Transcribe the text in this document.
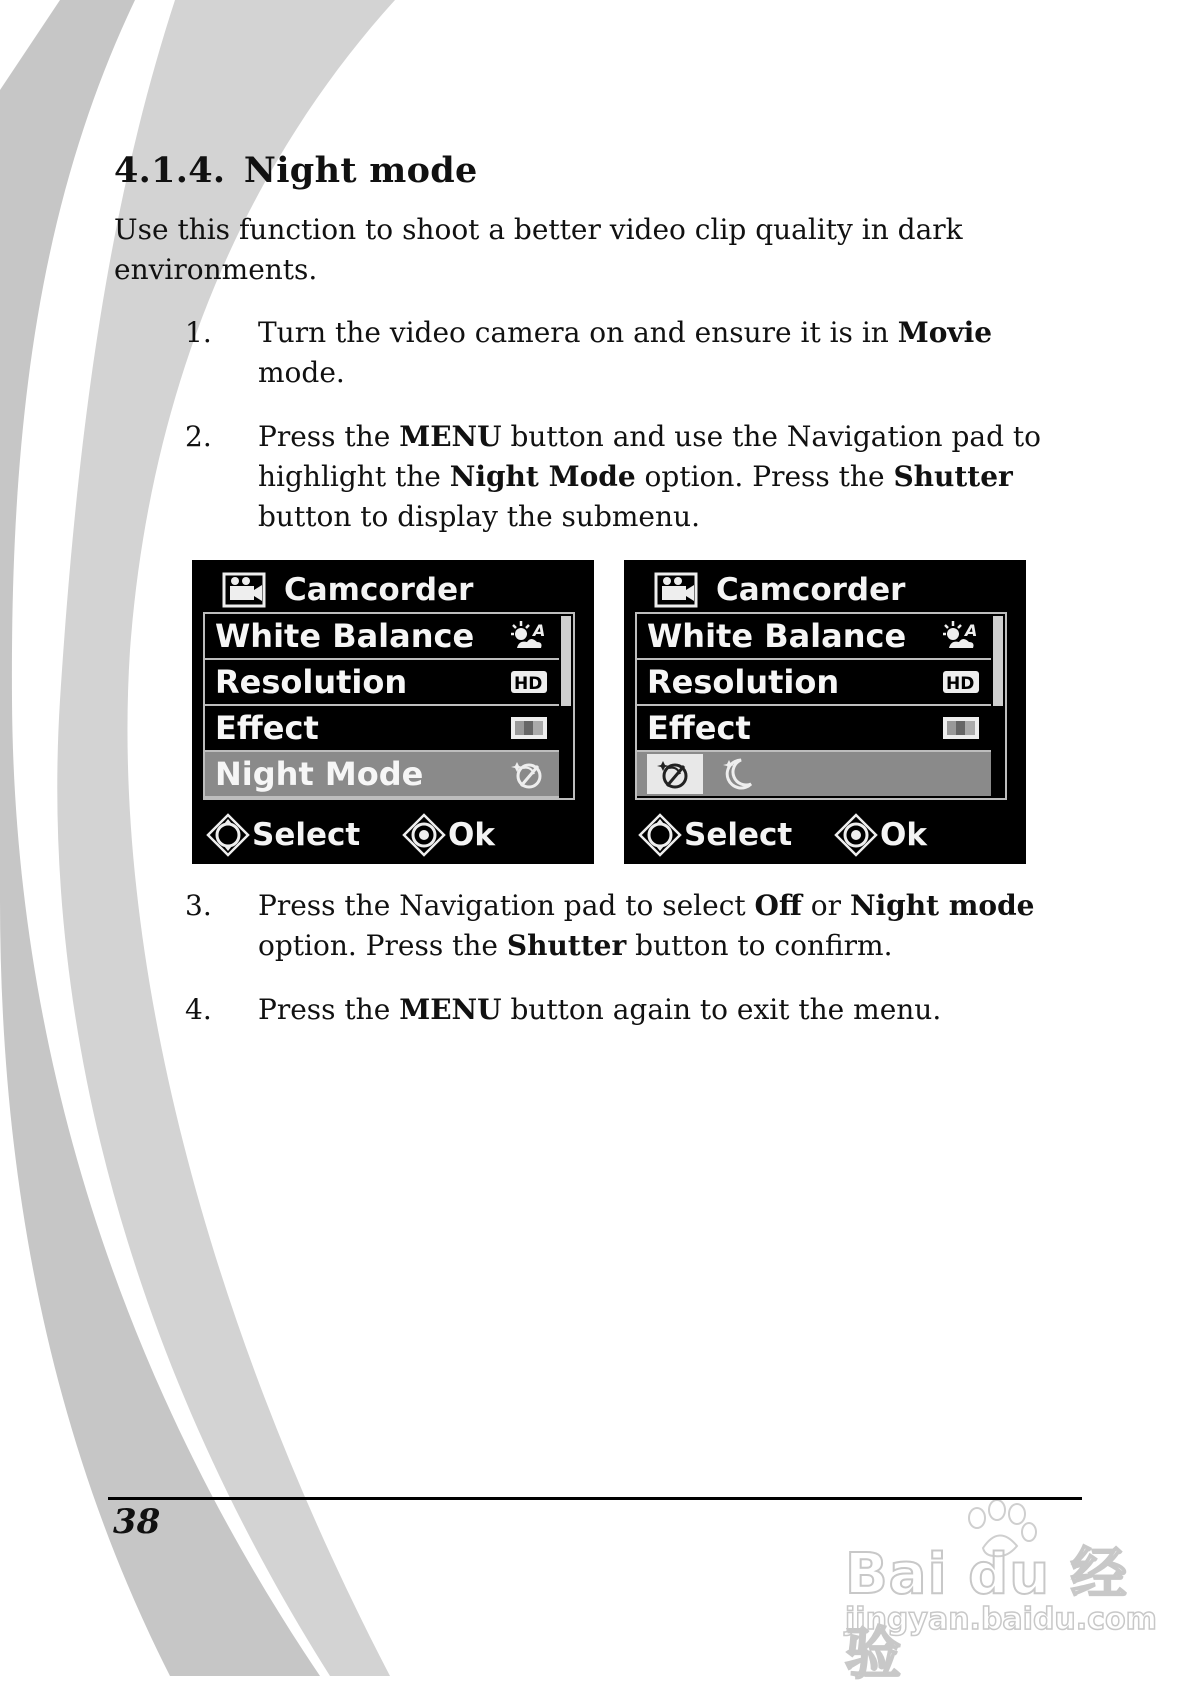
4.1.4. Night mode

Use this function to shoot a better video clip quality in dark environments.

1. Turn the video camera on and ensure it is in Movie mode.
2. Press the MENU button and use the Navigation pad to highlight the Night Mode option. Press the Shutter button to display the submenu.
Camcorder
White Balance	A
Resolution	HD
Effect
Night Mode
Select	Ok
Camcorder
White Balance	A
Resolution	HD
Effect
Select	Ok
3. Press the Navigation pad to select Off or Night mode option. Press the Shutter button to confirm.
4. Press the MENU button again to exit the menu.
38
Bai du 经验
jingyan.baidu.com
